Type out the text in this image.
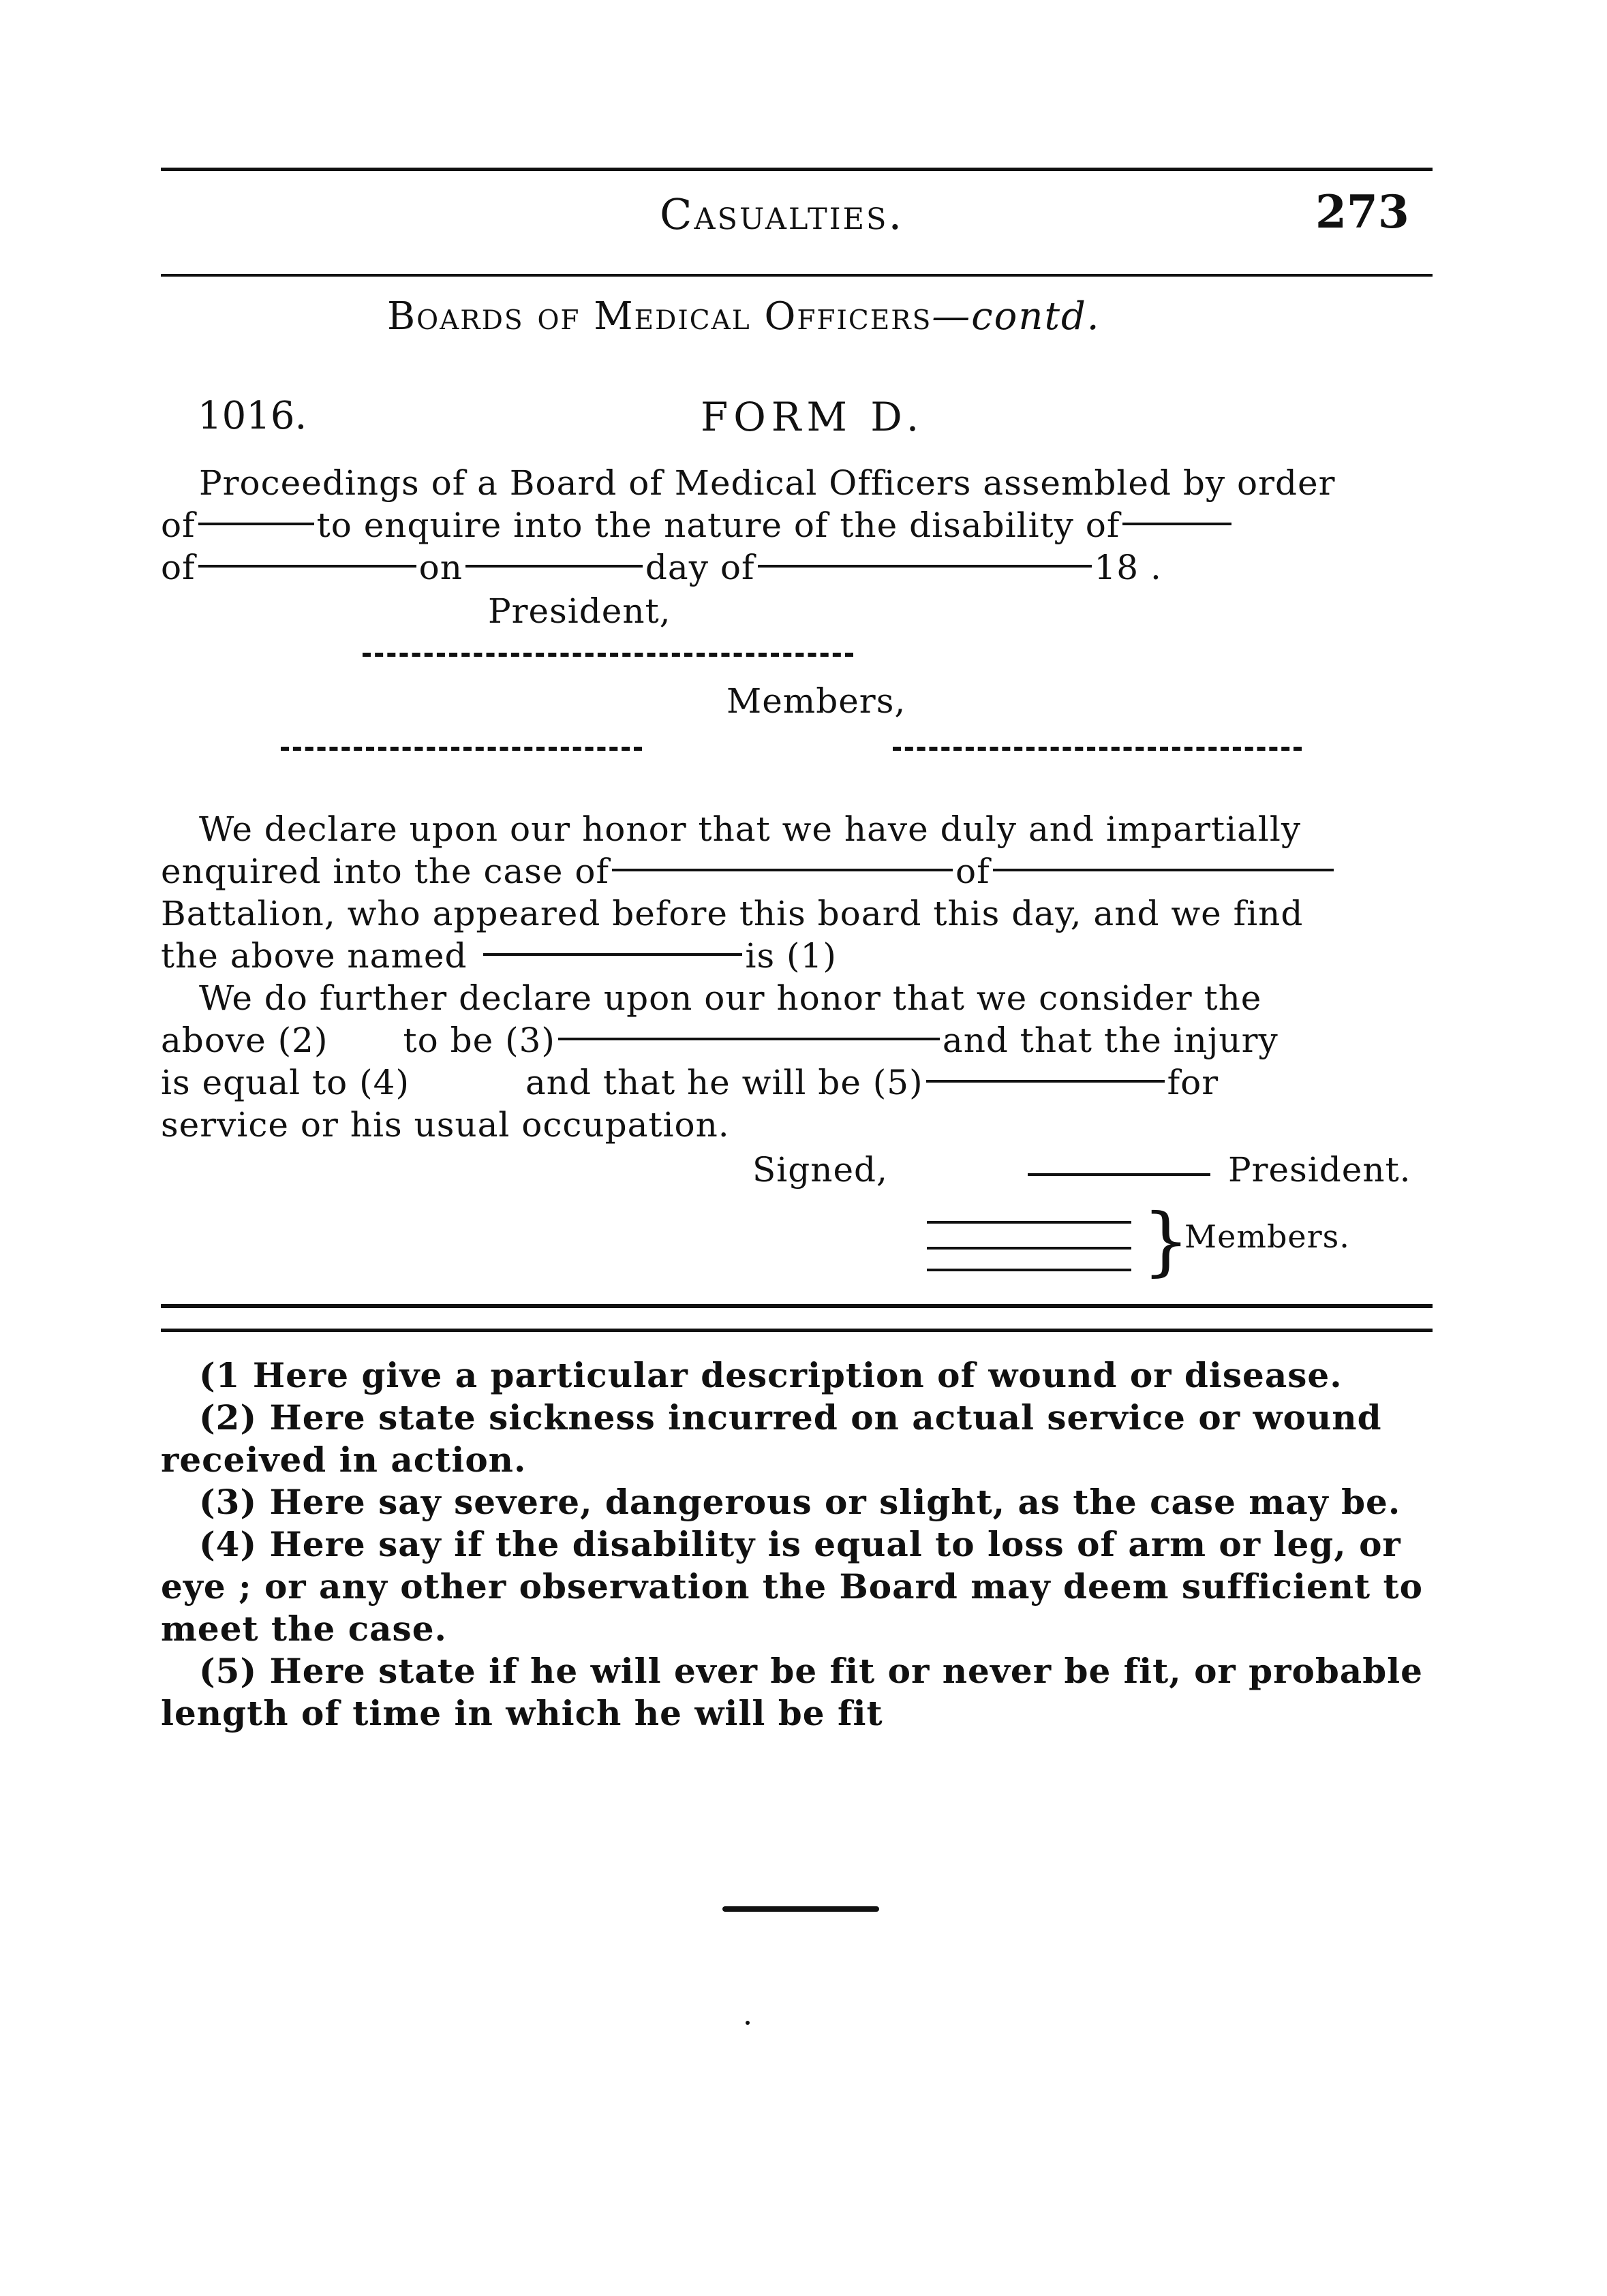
Casualties.	273
Boards of Medical Officers—contd.
1016.	FORM D.
Proceedings of a Board of Medical Officers assembled by order
of	to enquire into the nature of the disability of
of	on	day of	18 .
President,
Members,
We declare upon our honor that we have duly and impartially
enquired into the case of	of
Battalion, who appeared before this board this day, and we find
the above named	is (1)
We do further declare upon our honor that we consider the
above (2) to be (3)	and that the injury
is equal to (4)	and that he will be (5)	for
service or his usual occupation.
Signed,	President.
}
Members.
(1 Here give a particular description of wound or disease.
(2) Here state sickness incurred on actual service or wound
received in action.
(3) Here say severe, dangerous or slight, as the case may be.
(4) Here say if the disability is equal to loss of arm or leg, or
eye ; or any other observation the Board may deem sufficient to
meet the case.
(5) Here state if he will ever be fit or never be fit, or probable
length of time in which he will be fit
